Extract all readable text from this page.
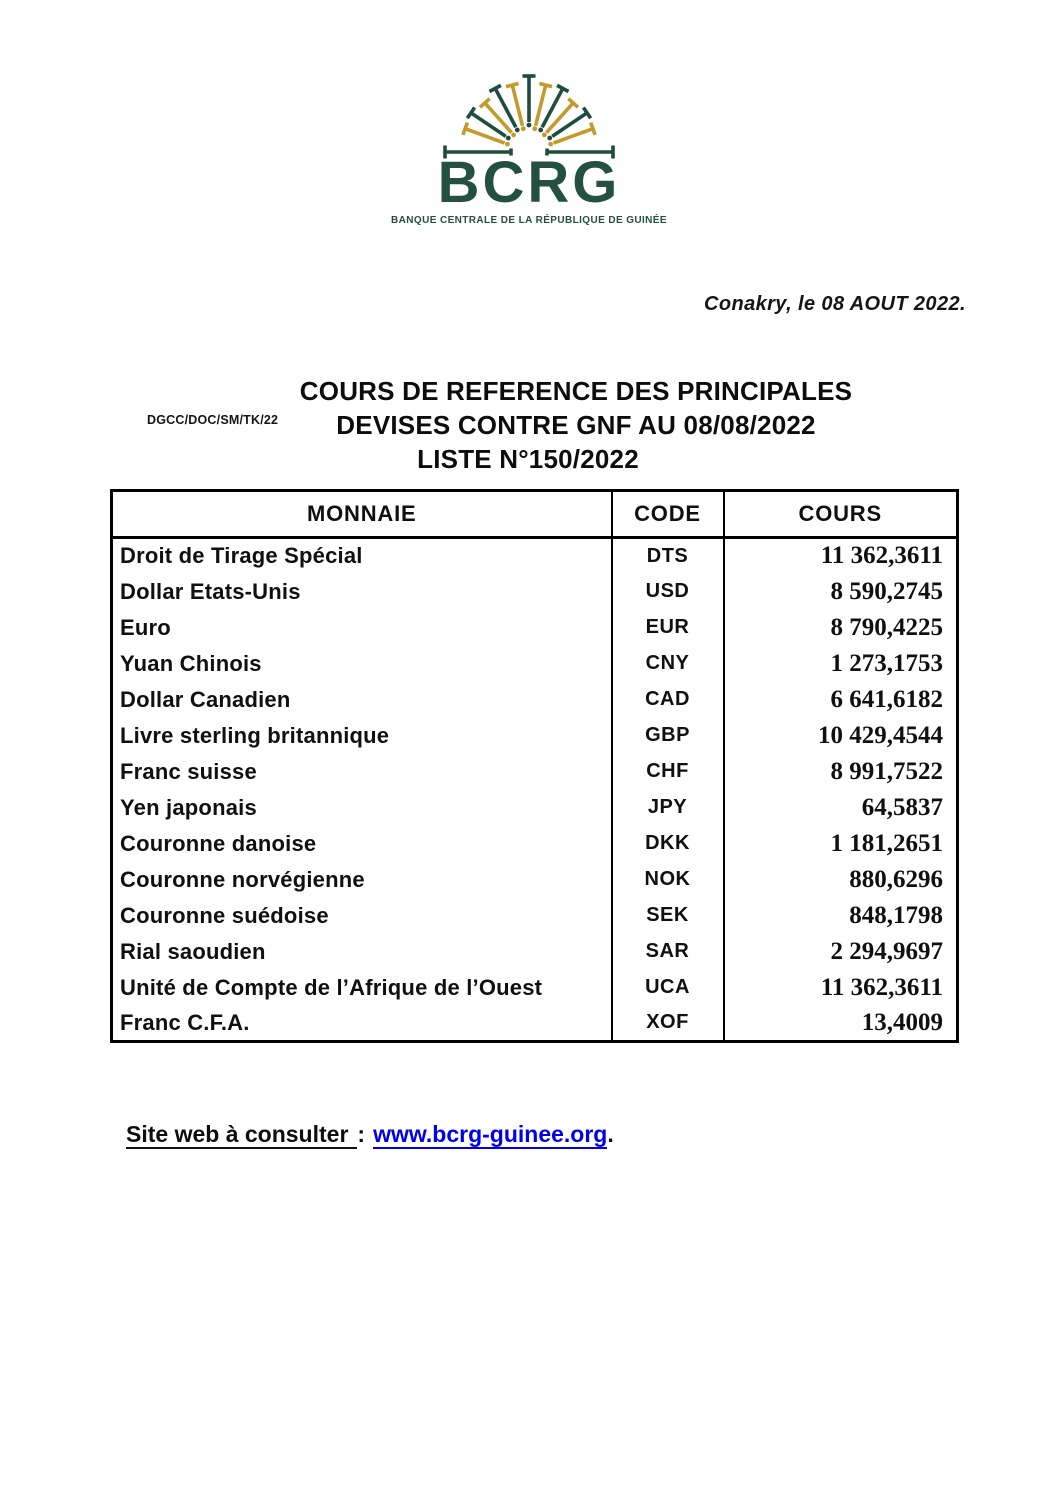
BCRG
BANQUE CENTRALE DE LA RÉPUBLIQUE DE GUINÉE
Conakry, le 08 AOUT 2022.
DGCC/DOC/SM/TK/22
COURS DE REFERENCE DES PRINCIPALES
DEVISES CONTRE GNF AU 08/08/2022
LISTE N°150/2022
MONNAIE	CODE	COURS
Droit de Tirage Spécial	DTS	11 362,3611
Dollar Etats-Unis	USD	8 590,2745
Euro	EUR	8 790,4225
Yuan Chinois	CNY	1 273,1753
Dollar Canadien	CAD	6 641,6182
Livre sterling britannique	GBP	10 429,4544
Franc suisse	CHF	8 991,7522
Yen japonais	JPY	64,5837
Couronne danoise	DKK	1 181,2651
Couronne norvégienne	NOK	880,6296
Couronne suédoise	SEK	848,1798
Rial saoudien	SAR	2 294,9697
Unité de Compte de l’Afrique de l’Ouest	UCA	11 362,3611
Franc C.F.A.	XOF	13,4009
Site web à consulter : www.bcrg-guinee.org.
